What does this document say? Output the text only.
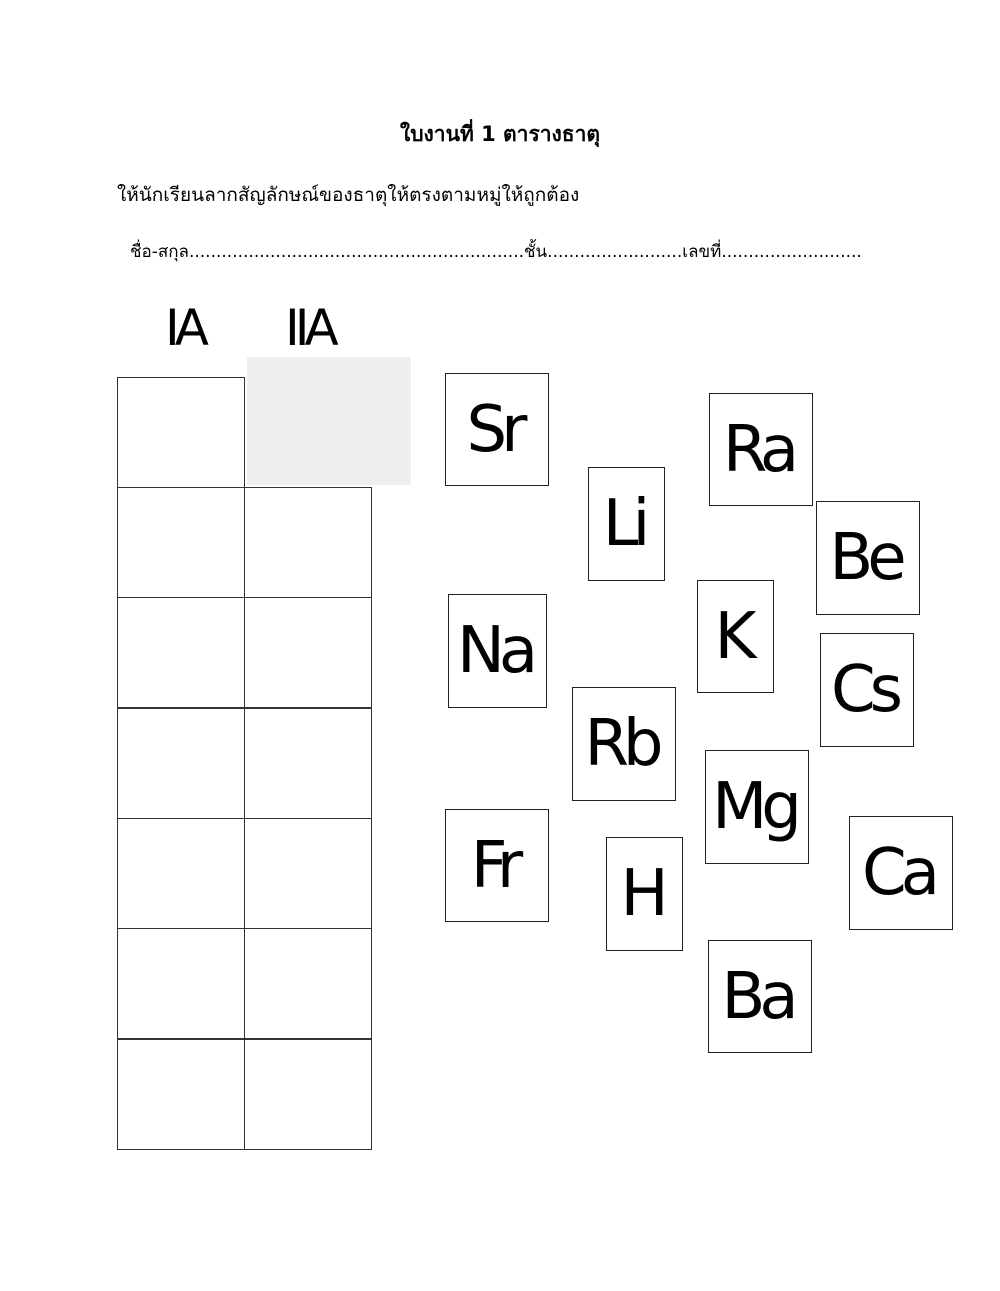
ใบงานที่ 1 ตารางธาตุ
ให้นักเรียนลากสัญลักษณ์ของธาตุให้ตรงตามหมู่ให้ถูกต้อง
ชื่อ-สกุล..............................................................ชั้น.........................เลขที่..........................
IA IIA
Sr	Ra
Li	Be
Na	K
Cs
Rb
Mg
Fr	H	Ca
Ba
